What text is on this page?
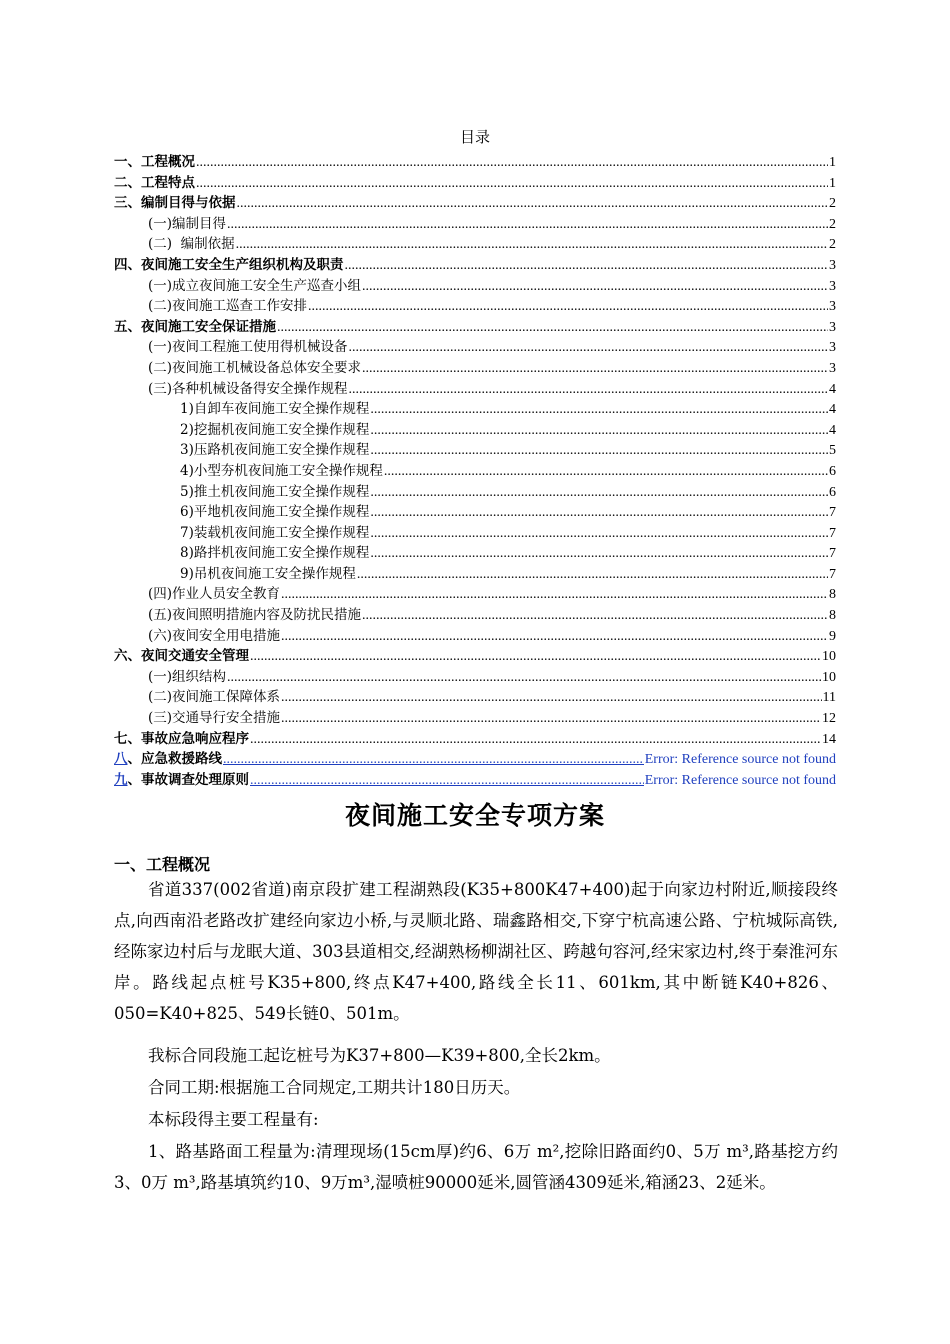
目录
一、工程概况 .....	1
二、工程特点 .....	1
三、编制目得与依据 .....	2
(一)编制目得 .....	2
(二)  编制依据 .....	2
四、夜间施工安全生产组织机构及职责 .....	3
(一)成立夜间施工安全生产巡查小组 .....	3
(二)夜间施工巡查工作安排 .....	3
五、夜间施工安全保证措施 .....	3
(一)夜间工程施工使用得机械设备 .....	3
(二)夜间施工机械设备总体安全要求 .....	3
(三)各种机械设备得安全操作规程 .....	4
1)自卸车夜间施工安全操作规程 .....	4
2)挖掘机夜间施工安全操作规程 .....	4
3)压路机夜间施工安全操作规程 .....	5
4)小型夯机夜间施工安全操作规程 .....	6
5)推土机夜间施工安全操作规程 .....	6
6)平地机夜间施工安全操作规程 .....	7
7)装载机夜间施工安全操作规程 .....	7
8)路拌机夜间施工安全操作规程 .....	7
9)吊机夜间施工安全操作规程 .....	7
(四)作业人员安全教育 .....	8
(五)夜间照明措施内容及防扰民措施 .....	8
(六)夜间安全用电措施 .....	9
六、夜间交通安全管理 .....	10
(一)组织结构 .....	10
(二)夜间施工保障体系 .....	11
(三)交通导行安全措施 .....	12
七、事故应急响应程序 .....	14
八、应急救援路线 .....	Error: Reference source not found
九、事故调查处理原则 .....	Error: Reference source not found
夜间施工安全专项方案
一、工程概况
省道337(002省道)南京段扩建工程湖熟段(K35+800K47+400)起于向家边村附近,顺接段终点,向西南沿老路改扩建经向家边小桥,与灵顺北路、瑞鑫路相交,下穿宁杭高速公路、宁杭城际高铁,经陈家边村后与龙眠大道、303县道相交,经湖熟杨柳湖社区、跨越句容河,经宋家边村,终于秦淮河东岸。路线起点桩号K35+800,终点K47+400,路线全长11、601km,其中断链K40+826、050=K40+825、549长链0、501m。
我标合同段施工起讫桩号为K37+800—K39+800,全长2km。
合同工期:根据施工合同规定,工期共计180日历天。
本标段得主要工程量有:
1、路基路面工程量为:清理现场(15cm厚)约6、6万 m²,挖除旧路面约0、5万 m³,路基挖方约3、0万 m³,路基填筑约10、9万m³,湿喷桩90000延米,圆管涵4309延米,箱涵23、2延米。
